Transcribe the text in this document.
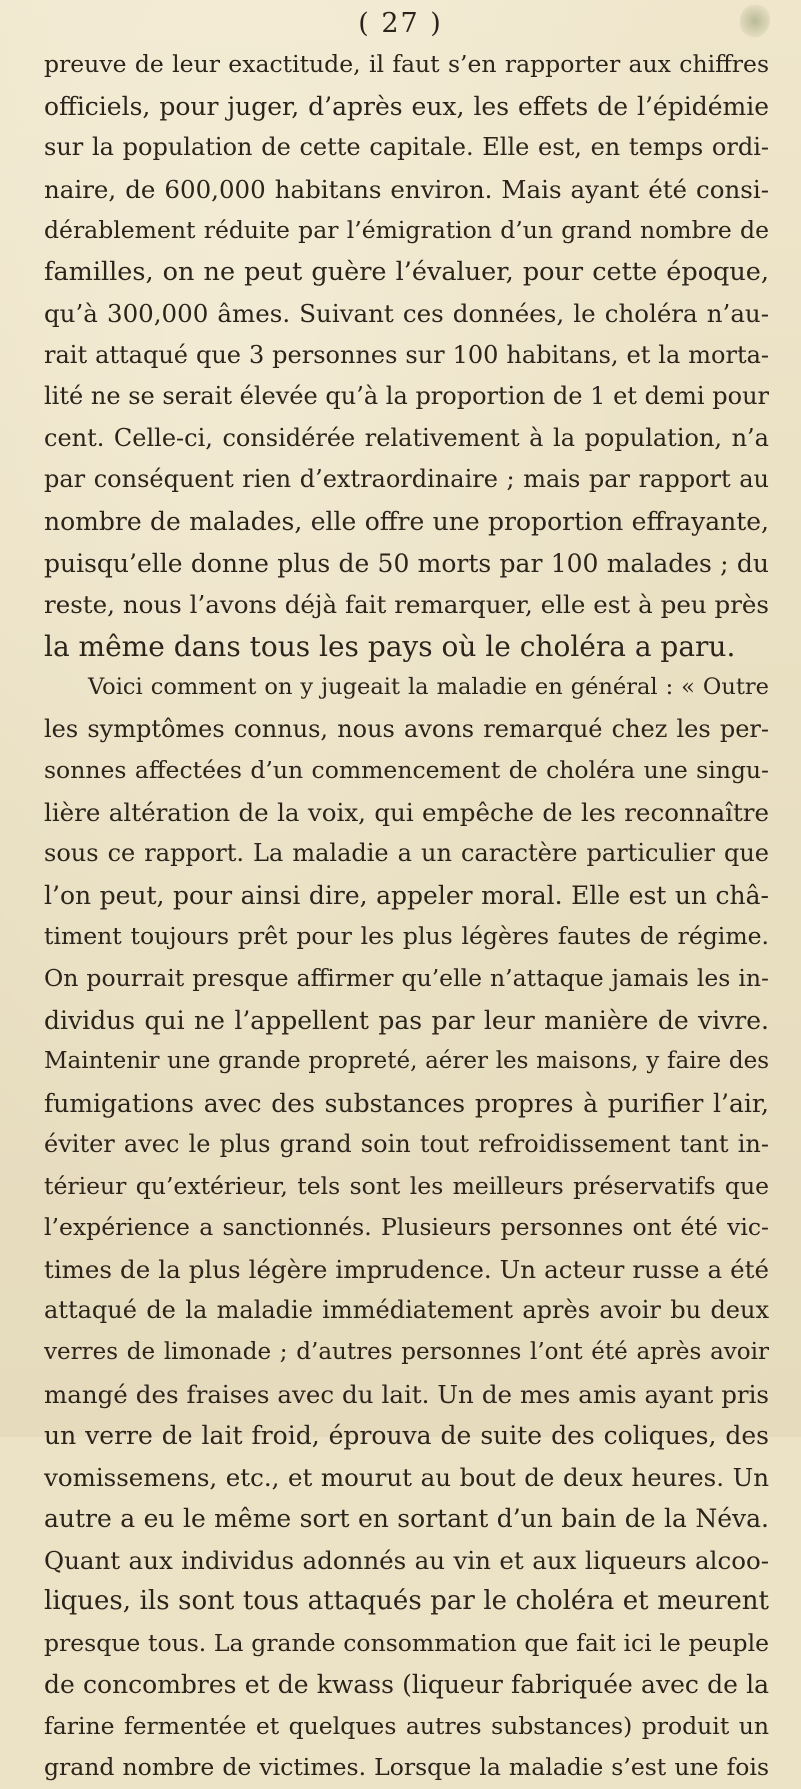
( 27 )
preuve de leur exactitude, il faut s’en rapporter aux chiffres
officiels, pour juger, d’après eux, les effets de l’épidémie
sur la population de cette capitale. Elle est, en temps ordi-
naire, de 600,000 habitans environ. Mais ayant été consi-
dérablement réduite par l’émigration d’un grand nombre de
familles, on ne peut guère l’évaluer, pour cette époque,
qu’à 300,000 âmes. Suivant ces données, le choléra n’au-
rait attaqué que 3 personnes sur 100 habitans, et la morta-
lité ne se serait élevée qu’à la proportion de 1 et demi pour
cent. Celle-ci, considérée relativement à la population, n’a
par conséquent rien d’extraordinaire ; mais par rapport au
nombre de malades, elle offre une proportion effrayante,
puisqu’elle donne plus de 50 morts par 100 malades ; du
reste, nous l’avons déjà fait remarquer, elle est à peu près
la même dans tous les pays où le choléra a paru.
Voici comment on y jugeait la maladie en général : « Outre
les symptômes connus, nous avons remarqué chez les per-
sonnes affectées d’un commencement de choléra une singu-
lière altération de la voix, qui empêche de les reconnaître
sous ce rapport. La maladie a un caractère particulier que
l’on peut, pour ainsi dire, appeler moral. Elle est un châ-
timent toujours prêt pour les plus légères fautes de régime.
On pourrait presque affirmer qu’elle n’attaque jamais les in-
dividus qui ne l’appellent pas par leur manière de vivre.
Maintenir une grande propreté, aérer les maisons, y faire des
fumigations avec des substances propres à purifier l’air,
éviter avec le plus grand soin tout refroidissement tant in-
térieur qu’extérieur, tels sont les meilleurs préservatifs que
l’expérience a sanctionnés. Plusieurs personnes ont été vic-
times de la plus légère imprudence. Un acteur russe a été
attaqué de la maladie immédiatement après avoir bu deux
verres de limonade ; d’autres personnes l’ont été après avoir
mangé des fraises avec du lait. Un de mes amis ayant pris
un verre de lait froid, éprouva de suite des coliques, des
vomissemens, etc., et mourut au bout de deux heures. Un
autre a eu le même sort en sortant d’un bain de la Néva.
Quant aux individus adonnés au vin et aux liqueurs alcoo-
liques, ils sont tous attaqués par le choléra et meurent
presque tous. La grande consommation que fait ici le peuple
de concombres et de kwass (liqueur fabriquée avec de la
farine fermentée et quelques autres substances) produit un
grand nombre de victimes. Lorsque la maladie s’est une fois
